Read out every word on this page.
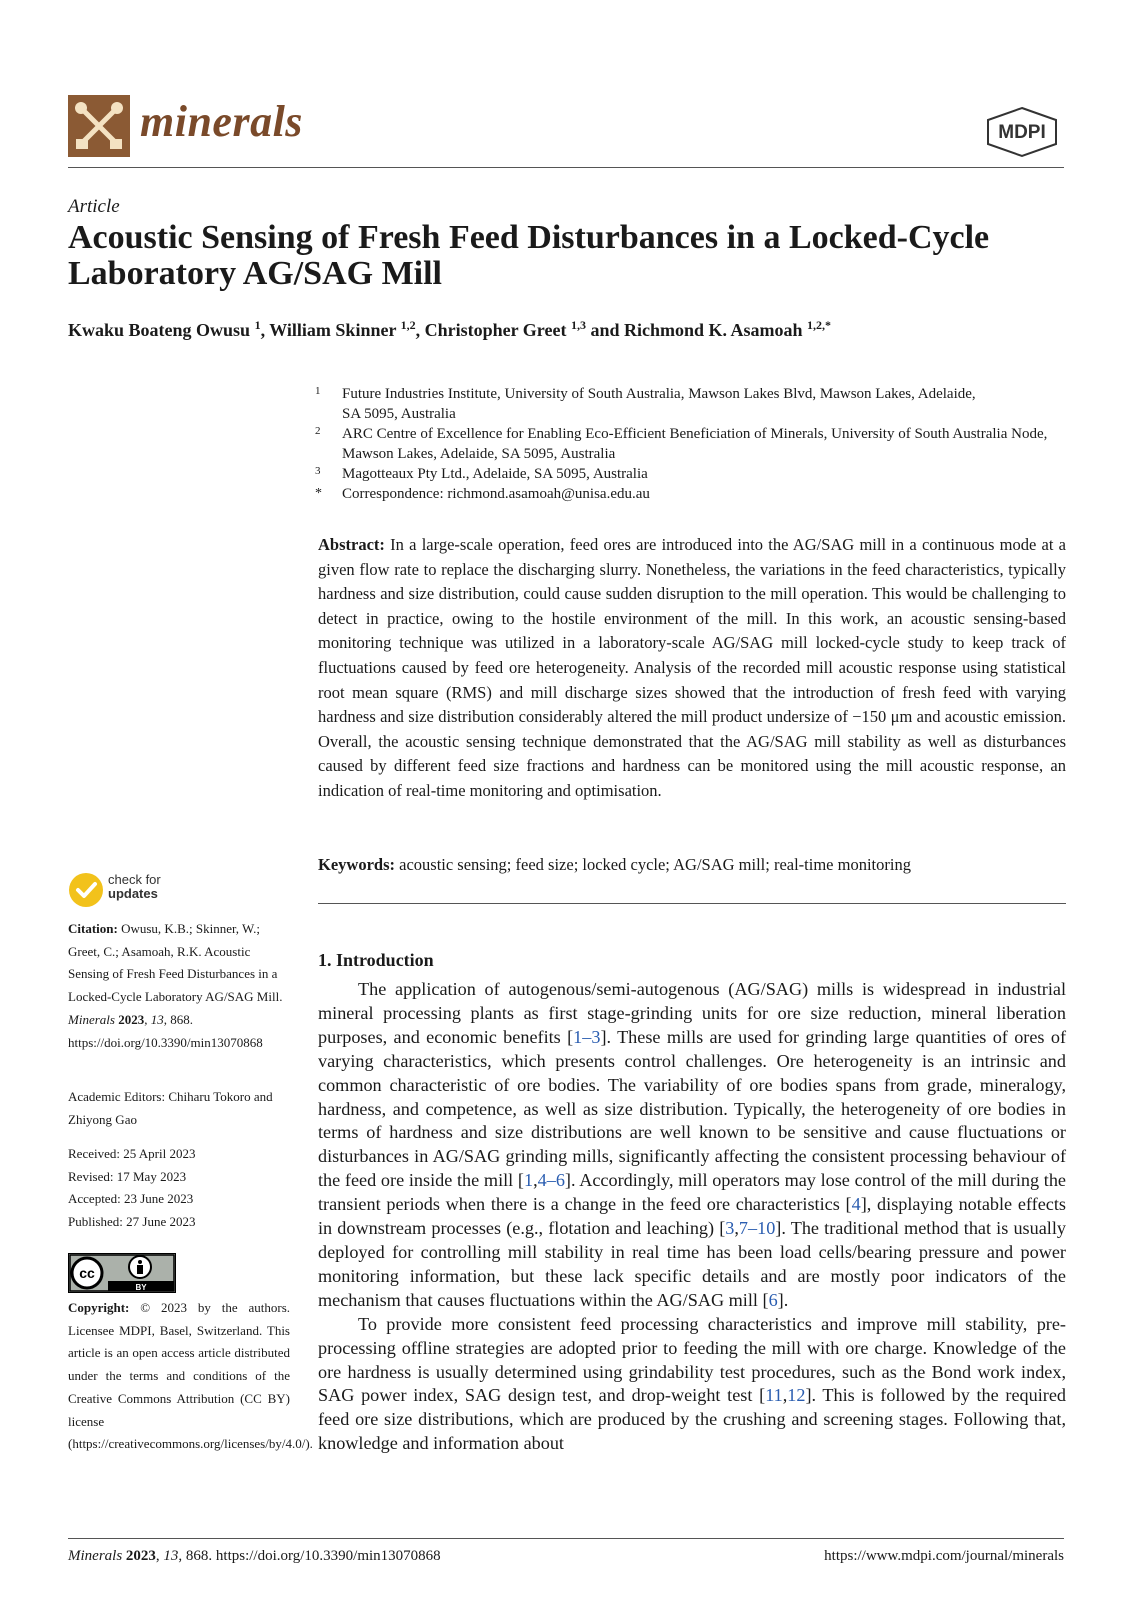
minerals	MDPI
Article
Acoustic Sensing of Fresh Feed Disturbances in a Locked-Cycle Laboratory AG/SAG Mill
Kwaku Boateng Owusu $^1$, William Skinner $^{1,2}$, Christopher Greet $^{1,3}$ and Richmond K. Asamoah $^{1,2,*}$
1 Future Industries Institute, University of South Australia, Mawson Lakes Blvd, Mawson Lakes, Adelaide, SA 5095, Australia
2 ARC Centre of Excellence for Enabling Eco-Efficient Beneficiation of Minerals, University of South Australia Node, Mawson Lakes, Adelaide, SA 5095, Australia
3 Magotteaux Pty Ltd., Adelaide, SA 5095, Australia
* Correspondence: richmond.asamoah@unisa.edu.au
Abstract: In a large-scale operation, feed ores are introduced into the AG/SAG mill in a continuous mode at a given flow rate to replace the discharging slurry. Nonetheless, the variations in the feed characteristics, typically hardness and size distribution, could cause sudden disruption to the mill operation. This would be challenging to detect in practice, owing to the hostile environment of the mill. In this work, an acoustic sensing-based monitoring technique was utilized in a laboratory-scale AG/SAG mill locked-cycle study to keep track of fluctuations caused by feed ore heterogeneity. Analysis of the recorded mill acoustic response using statistical root mean square (RMS) and mill discharge sizes showed that the introduction of fresh feed with varying hardness and size distribution considerably altered the mill product undersize of −150 μm and acoustic emission. Overall, the acoustic sensing technique demonstrated that the AG/SAG mill stability as well as disturbances caused by different feed size fractions and hardness can be monitored using the mill acoustic response, an indication of real-time monitoring and optimisation.
Keywords: acoustic sensing; feed size; locked cycle; AG/SAG mill; real-time monitoring
1. Introduction

The application of autogenous/semi-autogenous (AG/SAG) mills is widespread in industrial mineral processing plants as first stage-grinding units for ore size reduction, mineral liberation purposes, and economic benefits [1–3]. These mills are used for grinding large quantities of ores of varying characteristics, which presents control challenges. Ore heterogeneity is an intrinsic and common characteristic of ore bodies. The variability of ore bodies spans from grade, mineralogy, hardness, and competence, as well as size distribution. Typically, the heterogeneity of ore bodies in terms of hardness and size distributions are well known to be sensitive and cause fluctuations or disturbances in AG/SAG grinding mills, significantly affecting the consistent processing behaviour of the feed ore inside the mill [1,4–6]. Accordingly, mill operators may lose control of the mill during the transient periods when there is a change in the feed ore characteristics [4], displaying notable effects in downstream processes (e.g., flotation and leaching) [3,7–10]. The traditional method that is usually deployed for controlling mill stability in real time has been load cells/bearing pressure and power monitoring information, but these lack specific details and are mostly poor indicators of the mechanism that causes fluctuations within the AG/SAG mill [6].

To provide more consistent feed processing characteristics and improve mill stability, pre-processing offline strategies are adopted prior to feeding the mill with ore charge. Knowledge of the ore hardness is usually determined using grindability test procedures, such as the Bond work index, SAG power index, SAG design test, and drop-weight test [11,12]. This is followed by the required feed ore size distributions, which are produced by the crushing and screening stages. Following that, knowledge and information about

check for
updates
Citation: Owusu, K.B.; Skinner, W.; Greet, C.; Asamoah, R.K. Acoustic Sensing of Fresh Feed Disturbances in a Locked-Cycle Laboratory AG/SAG Mill. Minerals 2023, 13, 868. https://doi.org/10.3390/min13070868
Academic Editors: Chiharu Tokoro and Zhiyong Gao
Received: 25 April 2023
Revised: 17 May 2023
Accepted: 23 June 2023
Published: 27 June 2023
cc
BY
Copyright: © 2023 by the authors. Licensee MDPI, Basel, Switzerland. This article is an open access article distributed under the terms and conditions of the Creative Commons Attribution (CC BY) license (https://creativecommons.org/licenses/by/4.0/).
Minerals 2023, 13, 868. https://doi.org/10.3390/min13070868	https://www.mdpi.com/journal/minerals
